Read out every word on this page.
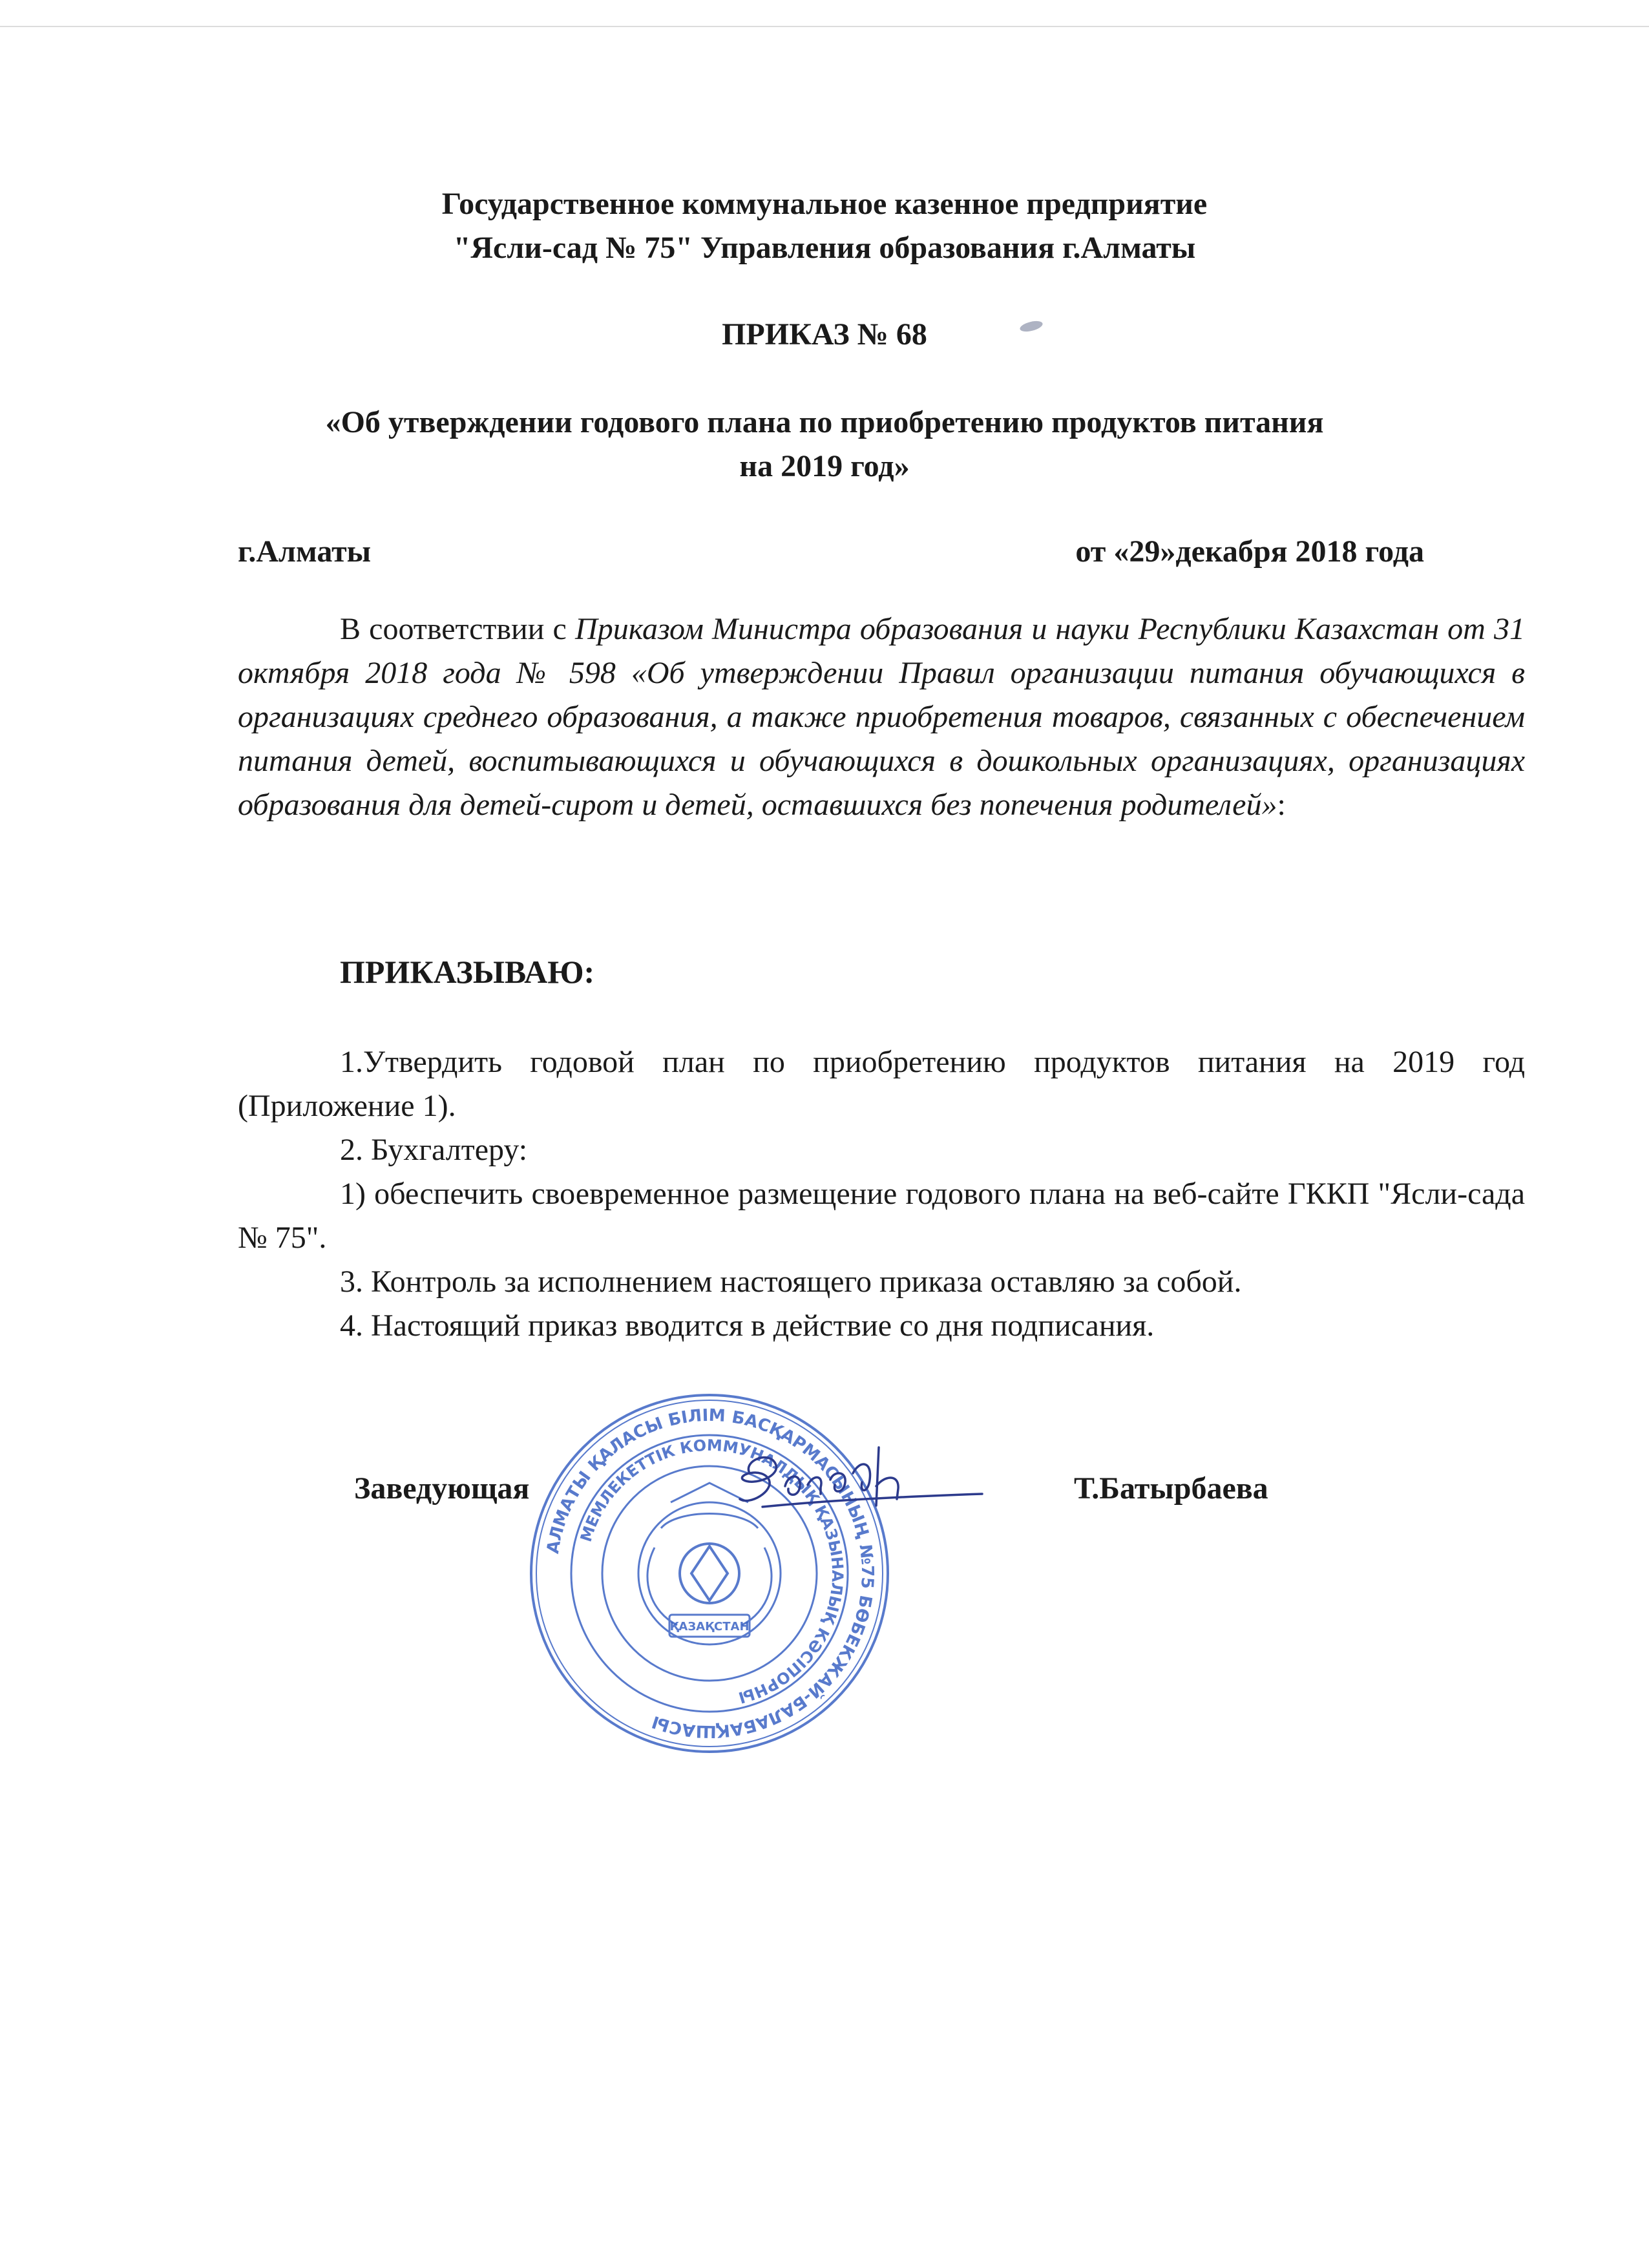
Государственное коммунальное казенное предприятие

"Ясли-сад № 75" Управления образования г.Алматы

ПРИКАЗ № 68

«Об утверждении годового плана по приобретению продуктов питания

на 2019 год»

г.Алматы	от «29»декабря 2018 года

В соответствии с Приказом Министра образования и науки Республики Казахстан от 31 октября 2018 года № 598 «Об утверждении Правил организации питания обучающихся в организациях среднего образования, а также приобретения товаров, связанных с обеспечением питания детей, воспитывающихся и обучающихся в дошкольных организациях, организациях образования для детей-сирот и детей, оставшихся без попечения родителей»:

ПРИКАЗЫВАЮ:

1.Утвердить годовой план по приобретению продуктов питания на 2019 год (Приложение 1).

2. Бухгалтеру:

1) обеспечить своевременное размещение годового плана на веб-сайте ГККП "Ясли-сада № 75".

3. Контроль за исполнением настоящего приказа оставляю за собой.

4. Настоящий приказ вводится в действие со дня подписания.

АЛМАТЫ ҚАЛАСЫ БІЛІМ БАСҚАРМАСЫНЫҢ №75 БӨБЕКЖАЙ-БАЛАБАҚШАСЫ
МЕМЛЕКЕТТІК КОММУНАЛДЫҚ ҚАЗЫНАЛЫҚ КӘСІПОРНЫ
ҚАЗАҚСТАН
Заведующая	Т.Батырбаева
